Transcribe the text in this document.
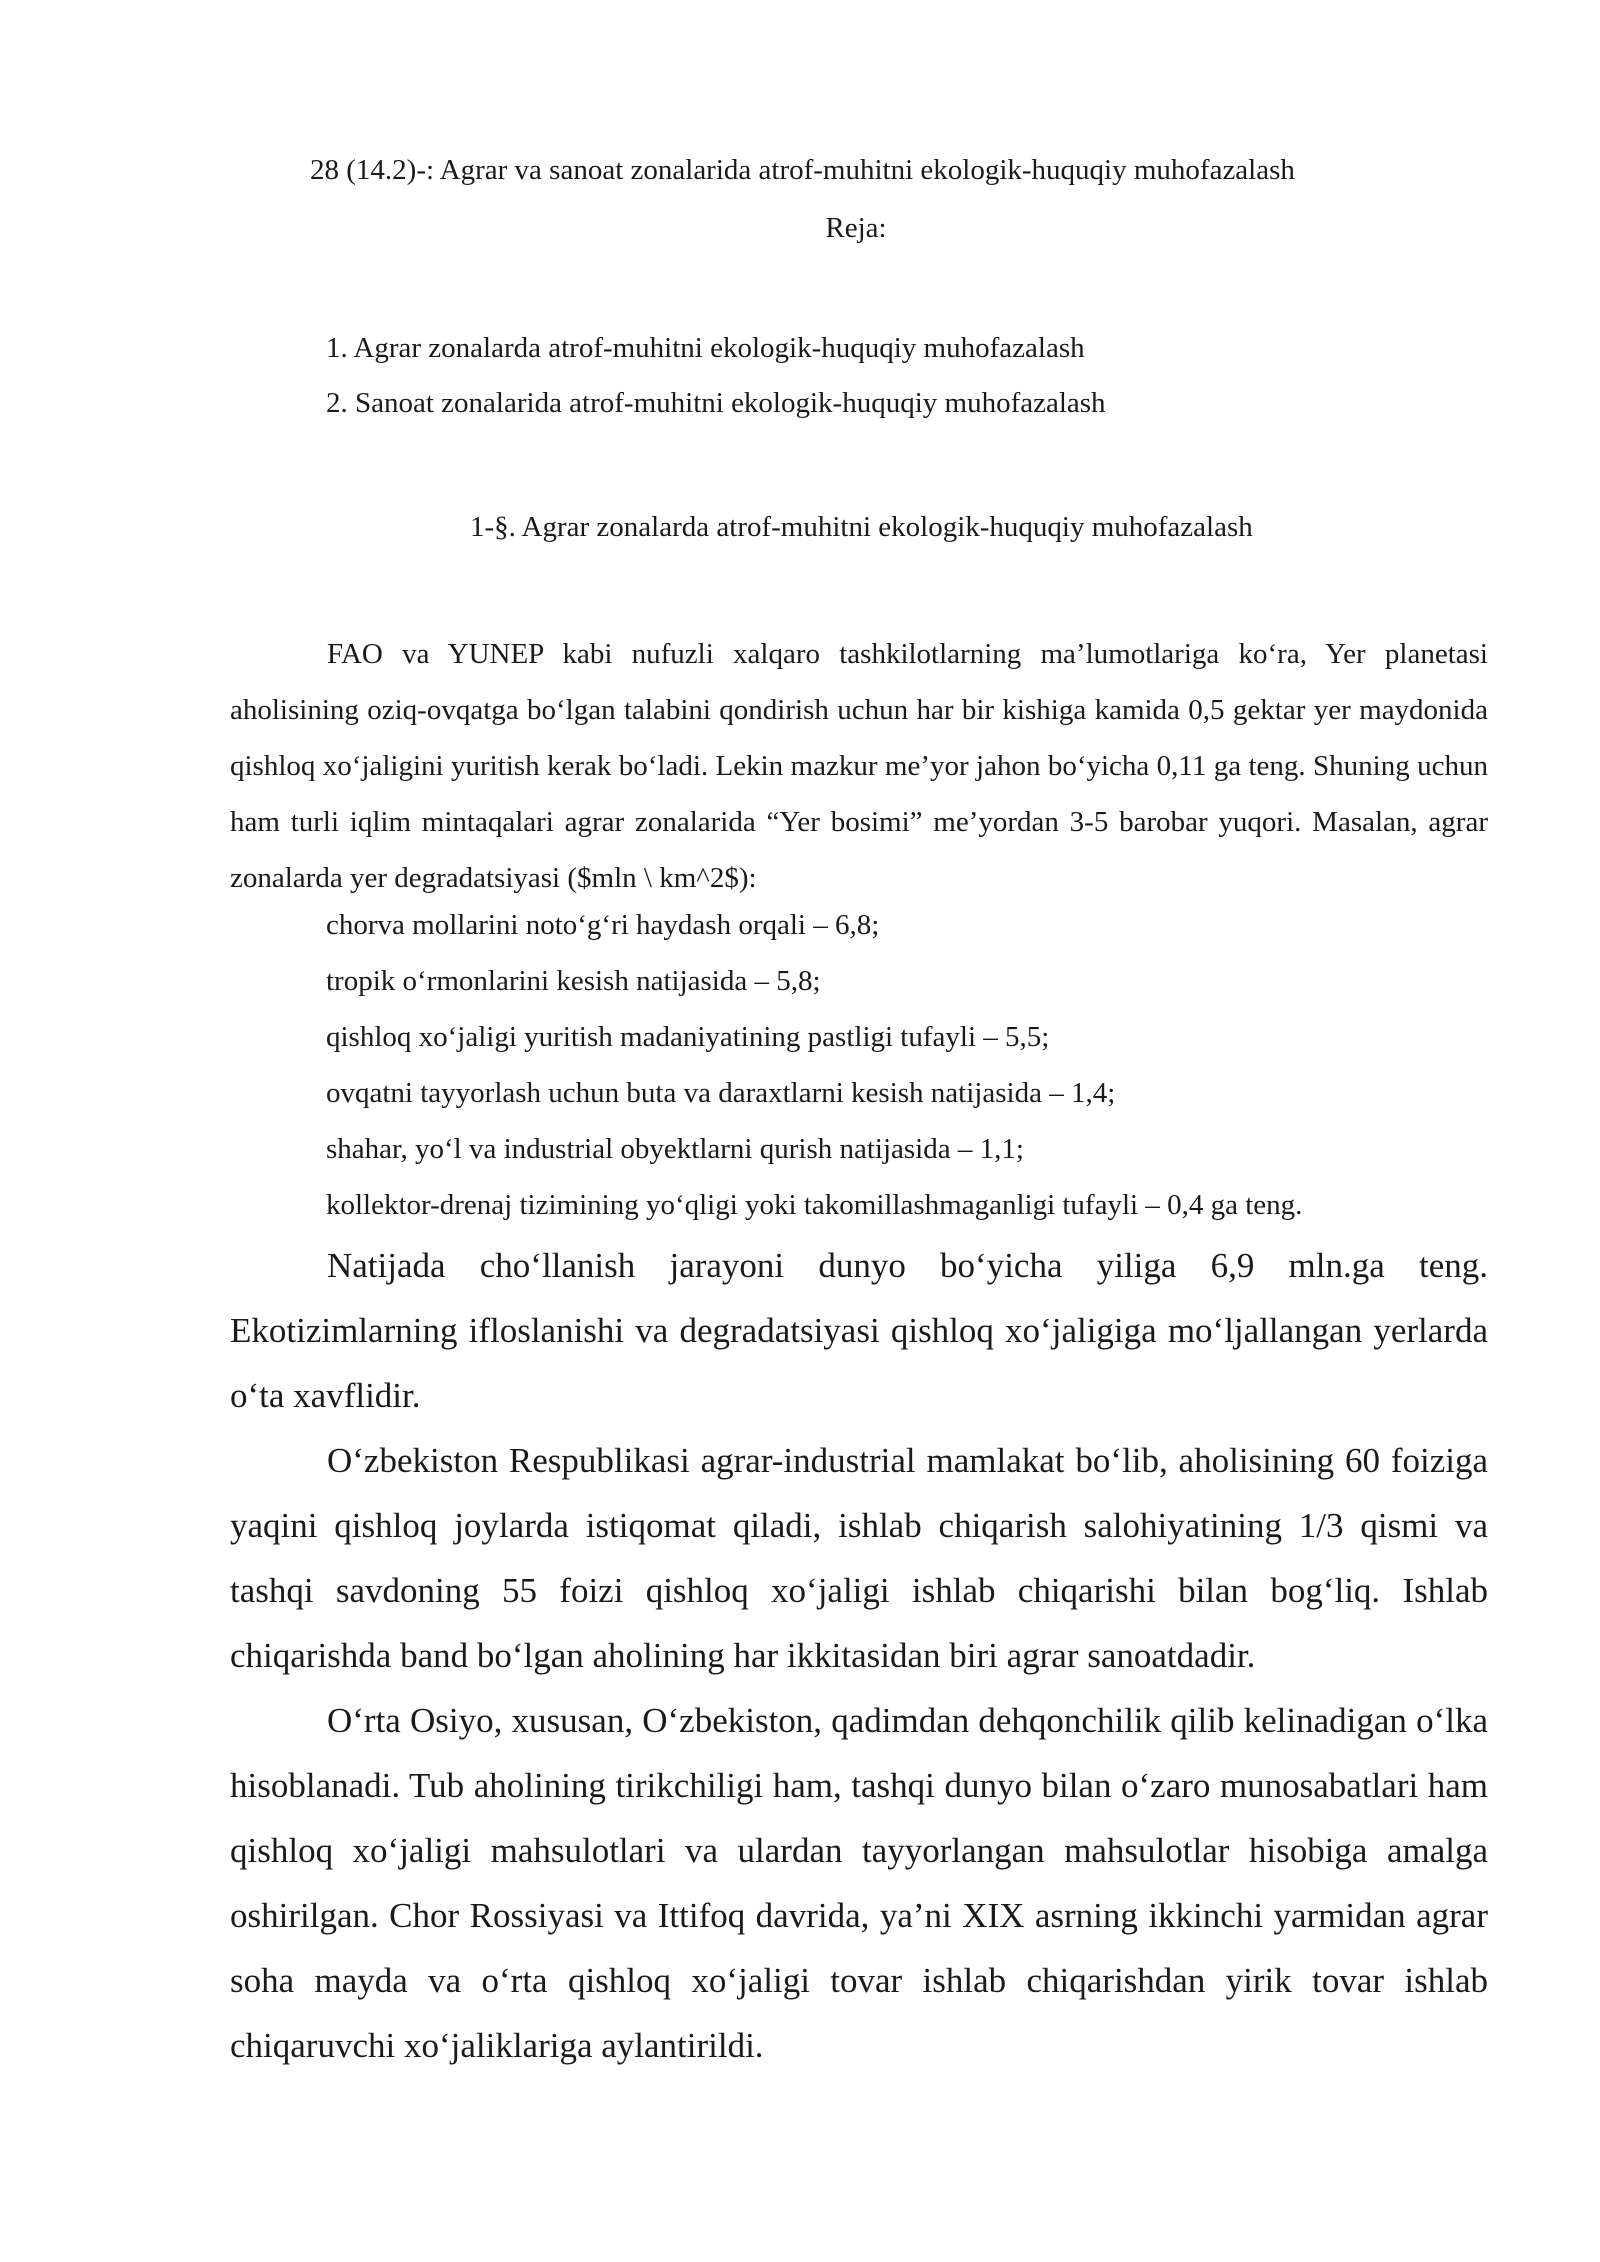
28 (14.2)-: Agrar va sanoat zonalarida atrof-muhitni ekologik-huquqiy muhofazalash
Reja:
1. Agrar zonalarda atrof-muhitni ekologik-huquqiy muhofazalash
2. Sanoat zonalarida atrof-muhitni ekologik-huquqiy muhofazalash
1-§. Agrar zonalarda atrof-muhitni ekologik-huquqiy muhofazalash

FAO va YUNEP kabi nufuzli xalqaro tashkilotlarning ma’lumotlariga ko‘ra, Yer planetasi aholisining oziq-ovqatga bo‘lgan talabini qondirish uchun har bir kishiga kamida 0,5 gektar yer maydonida qishloq xo‘jaligini yuritish kerak bo‘ladi. Lekin mazkur me’yor jahon bo‘yicha 0,11 ga teng. Shuning uchun ham turli iqlim mintaqalari agrar zonalarida “Yer bosimi” me’yordan 3-5 barobar yuqori. Masalan, agrar zonalarda yer degradatsiyasi ($mln \ km^2$):

chorva mollarini noto‘g‘ri haydash orqali – 6,8;
tropik o‘rmonlarini kesish natijasida – 5,8;
qishloq xo‘jaligi yuritish madaniyatining pastligi tufayli – 5,5;
ovqatni tayyorlash uchun buta va daraxtlarni kesish natijasida – 1,4;
shahar, yo‘l va industrial obyektlarni qurish natijasida – 1,1;
kollektor-drenaj tizimining yo‘qligi yoki takomillashmaganligi tufayli – 0,4 ga teng.

Natijada cho‘llanish jarayoni dunyo bo‘yicha yiliga 6,9 mln.ga teng. Ekotizimlarning ifloslanishi va degradatsiyasi qishloq xo‘jaligiga mo‘ljallangan yerlarda o‘ta xavflidir.

O‘zbekiston Respublikasi agrar-industrial mamlakat bo‘lib, aholisining 60 foiziga yaqini qishloq joylarda istiqomat qiladi, ishlab chiqarish salohiyatining 1/3 qismi va tashqi savdoning 55 foizi qishloq xo‘jaligi ishlab chiqarishi bilan bog‘liq. Ishlab chiqarishda band bo‘lgan aholining har ikkitasidan biri agrar sanoatdadir.

O‘rta Osiyo, xususan, O‘zbekiston, qadimdan dehqonchilik qilib kelinadigan o‘lka hisoblanadi. Tub aholining tirikchiligi ham, tashqi dunyo bilan o‘zaro munosabatlari ham qishloq xo‘jaligi mahsulotlari va ulardan tayyorlangan mahsulotlar hisobiga amalga oshirilgan. Chor Rossiyasi va Ittifoq davrida, ya’ni XIX asrning ikkinchi yarmidan agrar soha mayda va o‘rta qishloq xo‘jaligi tovar ishlab chiqarishdan yirik tovar ishlab chiqaruvchi xo‘jaliklariga aylantirildi.
